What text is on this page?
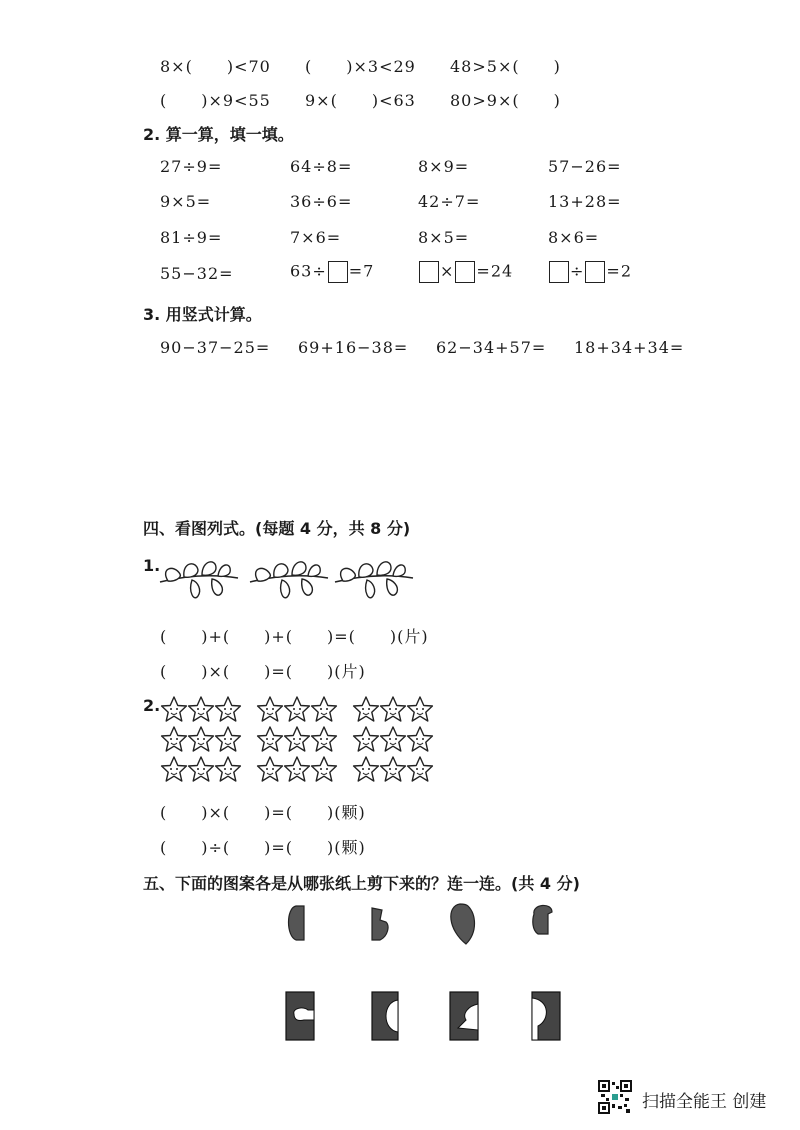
8×(　　)<70 (　　)×3<29 48>5×(　　)
(　　)×9<55 9×(　　)<63 80>9×(　　)
2. 算一算，填一填。
27÷9=	64÷8=	8×9=	57−26=
9×5=	36÷6=	42÷7=	13+28=
81÷9=	7×6=	8×5=	8×6=
55−32=	63÷ =7	× =24	÷ =2
3. 用竖式计算。
90−37−25= 69+16−38= 62−34+57= 18+34+34=
四、看图列式。(每题 4 分，共 8 分)
1.
(　　)+(　　)+(　　)=(　　)(片)
(　　)×(　　)=(　　)(片)
2.
(　　)×(　　)=(　　)(颗)
(　　)÷(　　)=(　　)(颗)
五、下面的图案各是从哪张纸上剪下来的？连一连。(共 4 分)
扫描全能王 创建
